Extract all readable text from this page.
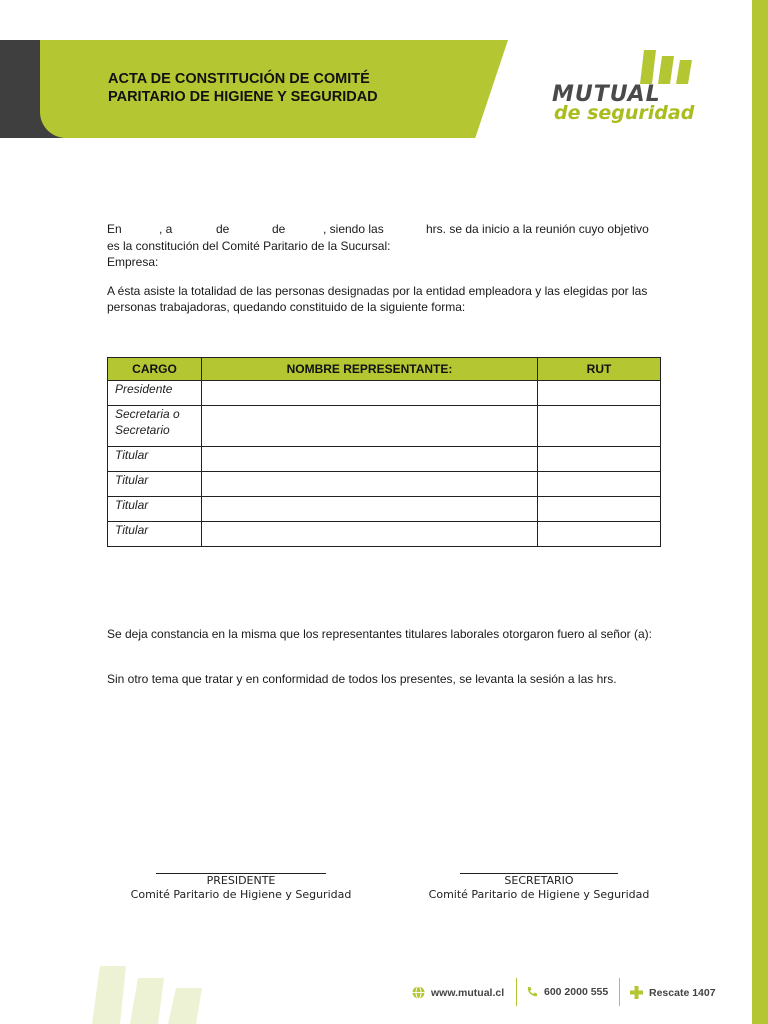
ACTA DE CONSTITUCIÓN DE COMITÉ
PARITARIO DE HIGIENE Y SEGURIDAD	MUTUAL
de seguridad
En	, a	de	de	, siendo las	hrs. se da inicio a la reunión cuyo objetivo
es la constitución del Comité Paritario de la Sucursal:
Empresa:
A ésta asiste la totalidad de las personas designadas por la entidad empleadora y las elegidas por las personas trabajadoras, quedando constituido de la siguiente forma:
CARGO	NOMBRE REPRESENTANTE:	RUT
Presidente		
Secretaria o Secretario		
Titular		
Titular		
Titular		
Titular		
Se deja constancia en la misma que los representantes titulares laborales otorgaron fuero al señor (a):
Sin otro tema que tratar y en conformidad de todos los presentes, se levanta la sesión a las hrs.
PRESIDENTE
Comité Paritario de Higiene y Seguridad
SECRETARIO
Comité Paritario de Higiene y Seguridad
www.mutual.cl	600 2000 555	Rescate 1407
